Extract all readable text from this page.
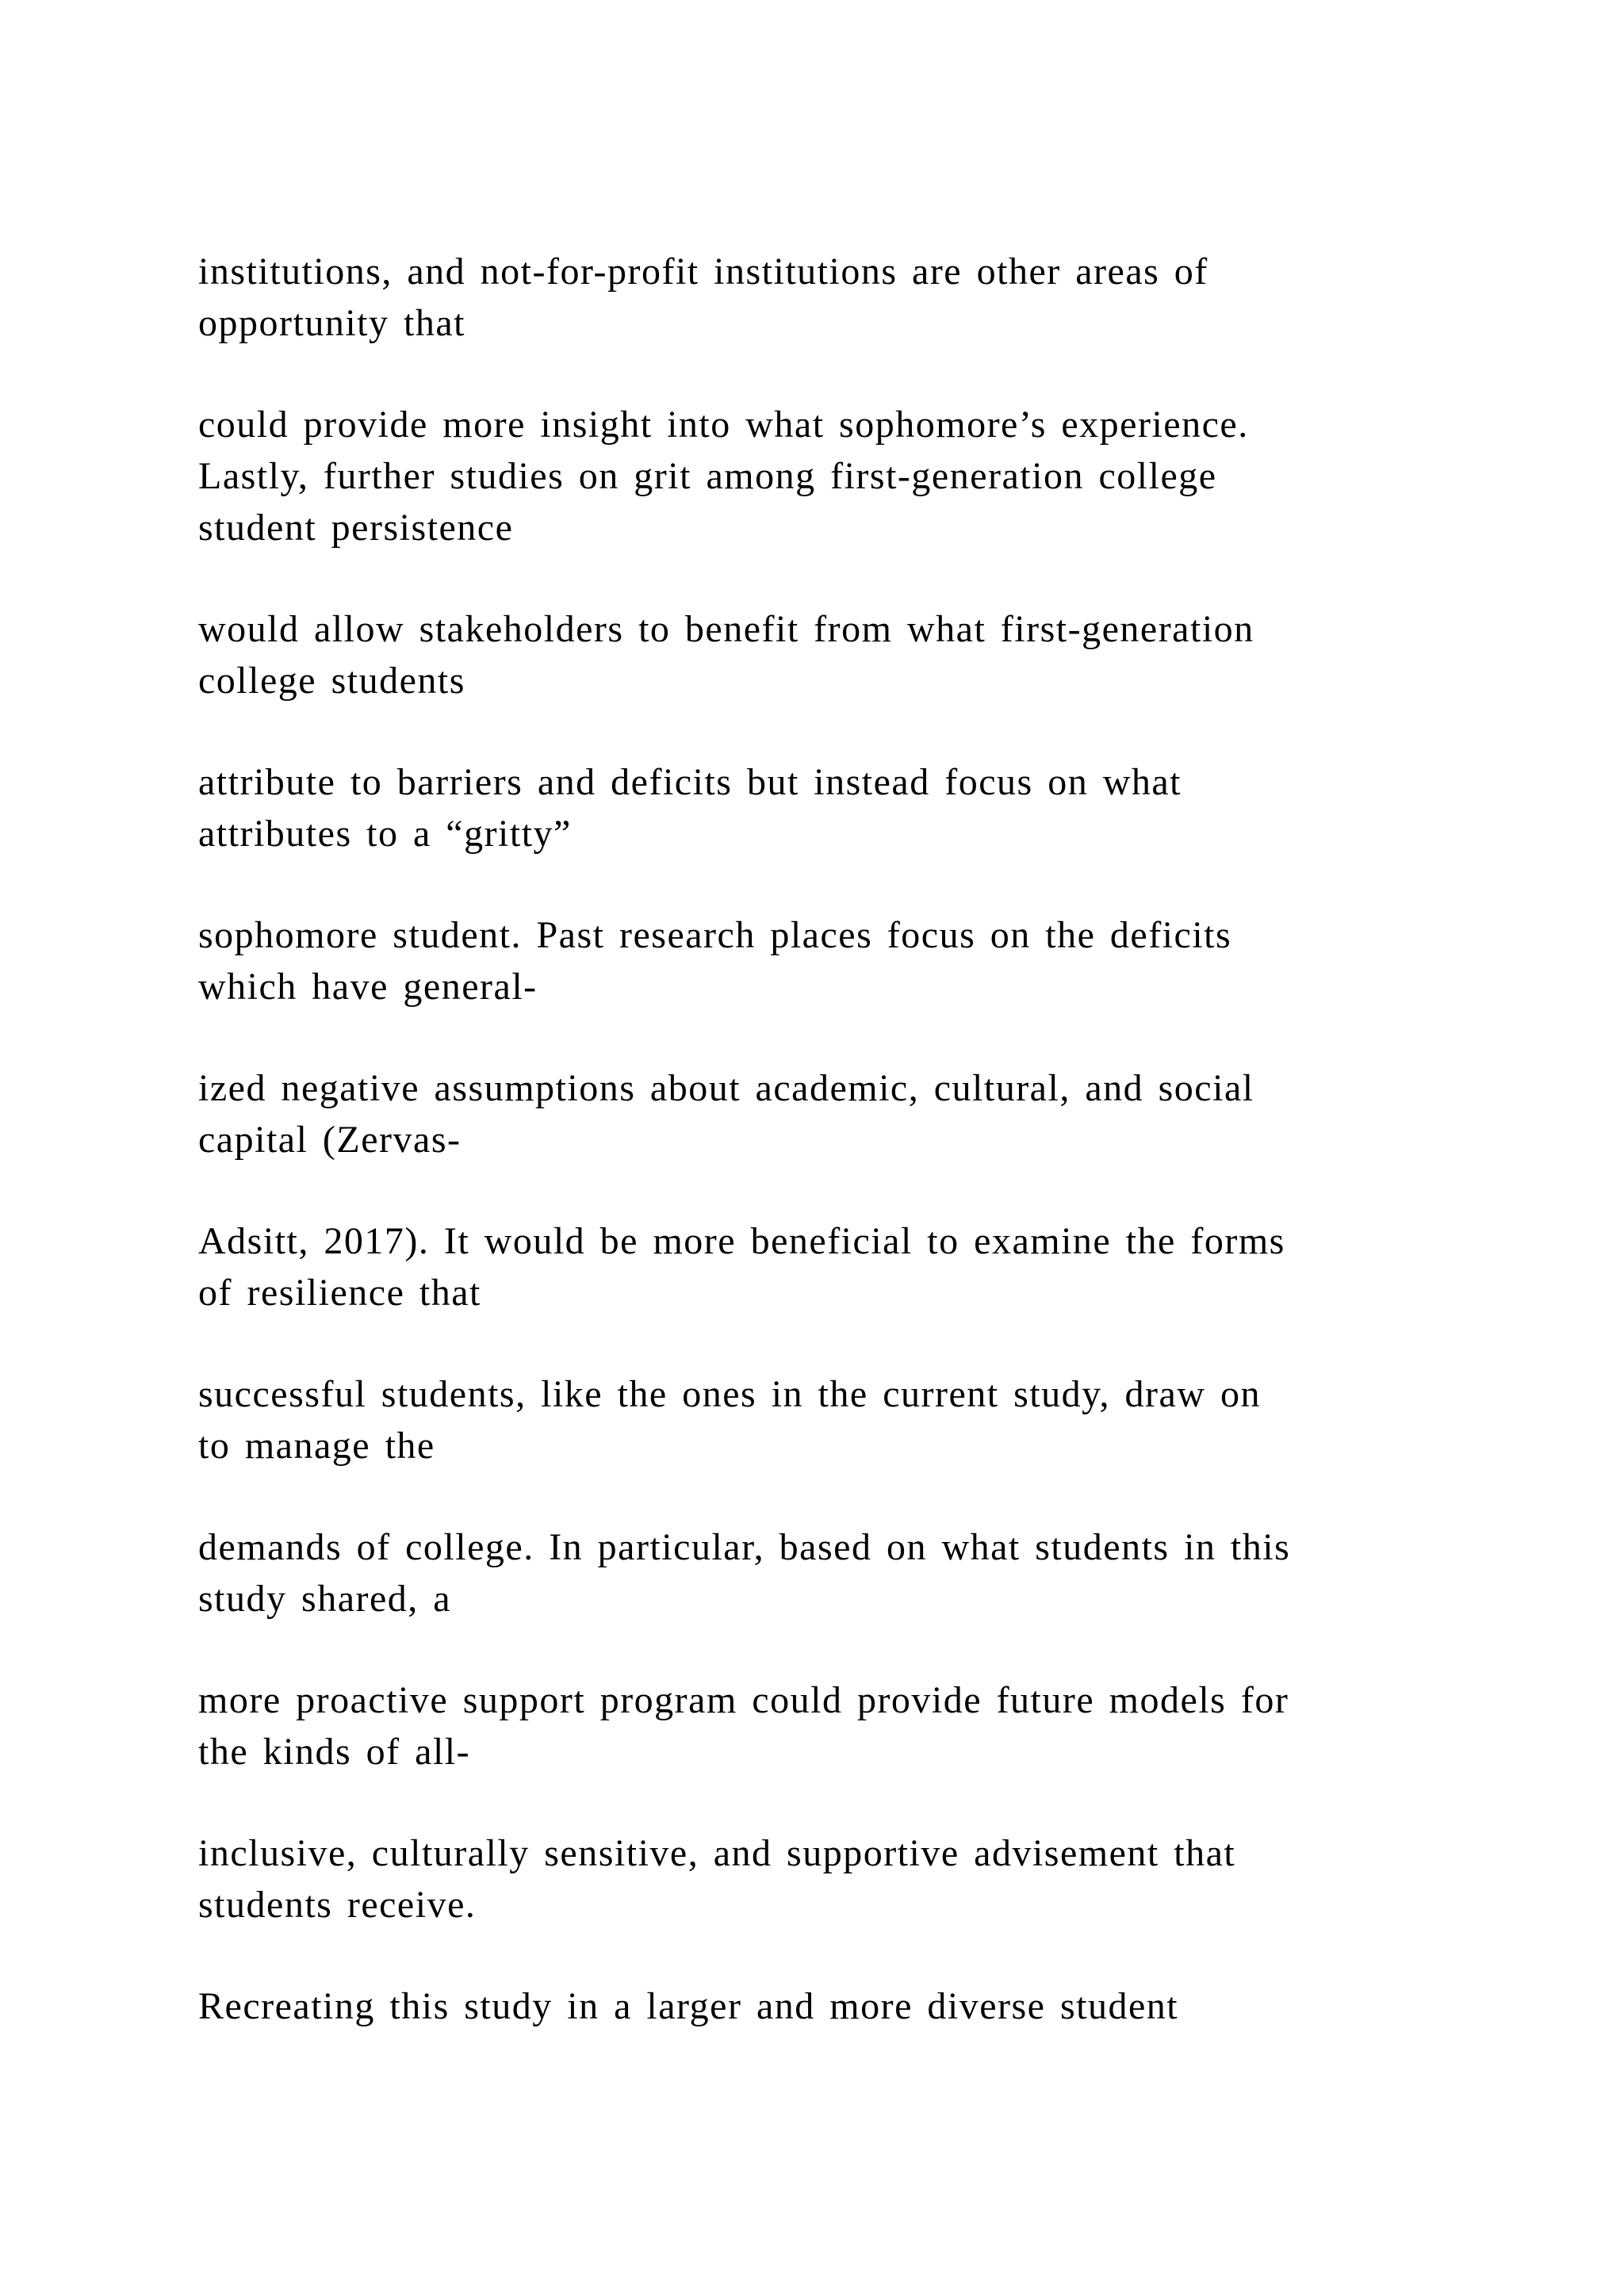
institutions, and not-for-profit institutions are other areas of
opportunity that

could provide more insight into what sophomore’s experience.
Lastly, further studies on grit among first-generation college
student persistence

would allow stakeholders to benefit from what first-generation
college students

attribute to barriers and deficits but instead focus on what
attributes to a “gritty”

sophomore student. Past research places focus on the deficits
which have general-

ized negative assumptions about academic, cultural, and social
capital (Zervas-

Adsitt, 2017). It would be more beneficial to examine the forms
of resilience that

successful students, like the ones in the current study, draw on
to manage the

demands of college. In particular, based on what students in this
study shared, a

more proactive support program could provide future models for
the kinds of all-

inclusive, culturally sensitive, and supportive advisement that
students receive.

Recreating this study in a larger and more diverse student
